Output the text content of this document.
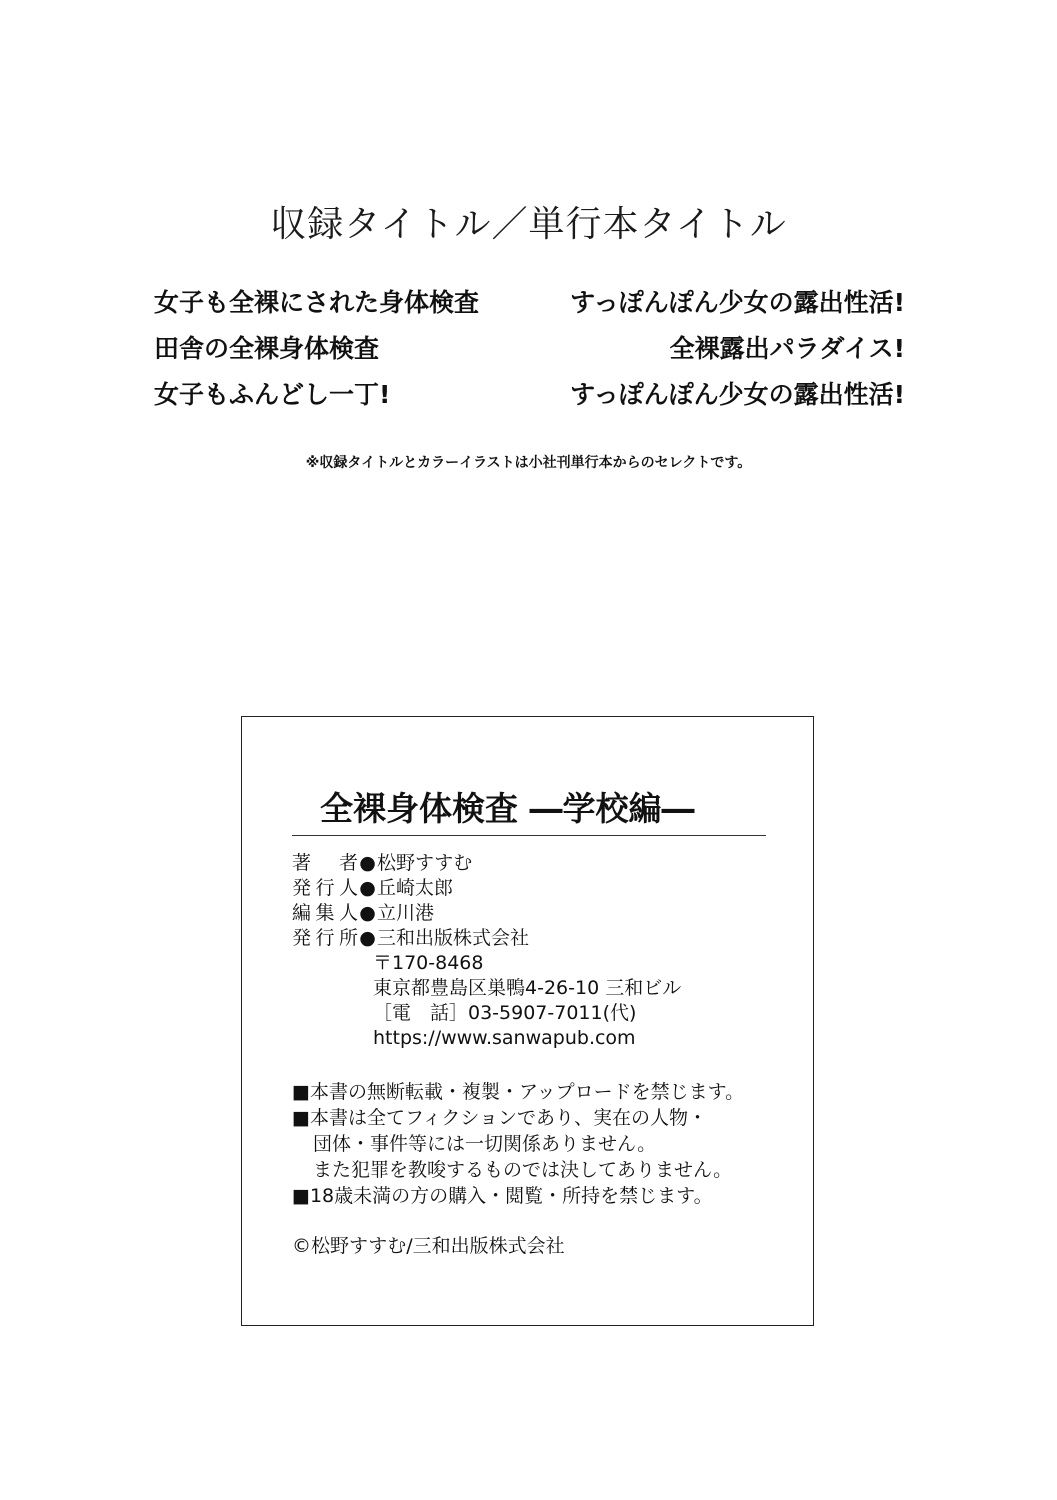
収録タイトル／単行本タイトル
女子も全裸にされた身体検査
田舎の全裸身体検査
女子もふんどし一丁!
すっぽんぽん少女の露出性活!
全裸露出パラダイス!
すっぽんぽん少女の露出性活!
※収録タイトルとカラーイラストは小社刊単行本からのセレクトです。
全裸身体検査 ―学校編―
著　者 ● 松野すすむ
発行人 ● 丘崎太郎
編集人 ● 立川港
発行所 ● 三和出版株式会社
〒170-8468
東京都豊島区巣鴨4-26-10 三和ビル
［電　話］03-5907-7011(代)
https://www.sanwapub.com
■本書の無断転載・複製・アップロードを禁じます。
■本書は全てフィクションであり、実在の人物・
団体・事件等には一切関係ありません。
また犯罪を教唆するものでは決してありません。
■18歳未満の方の購入・閲覧・所持を禁じます。
©松野すすむ/三和出版株式会社
